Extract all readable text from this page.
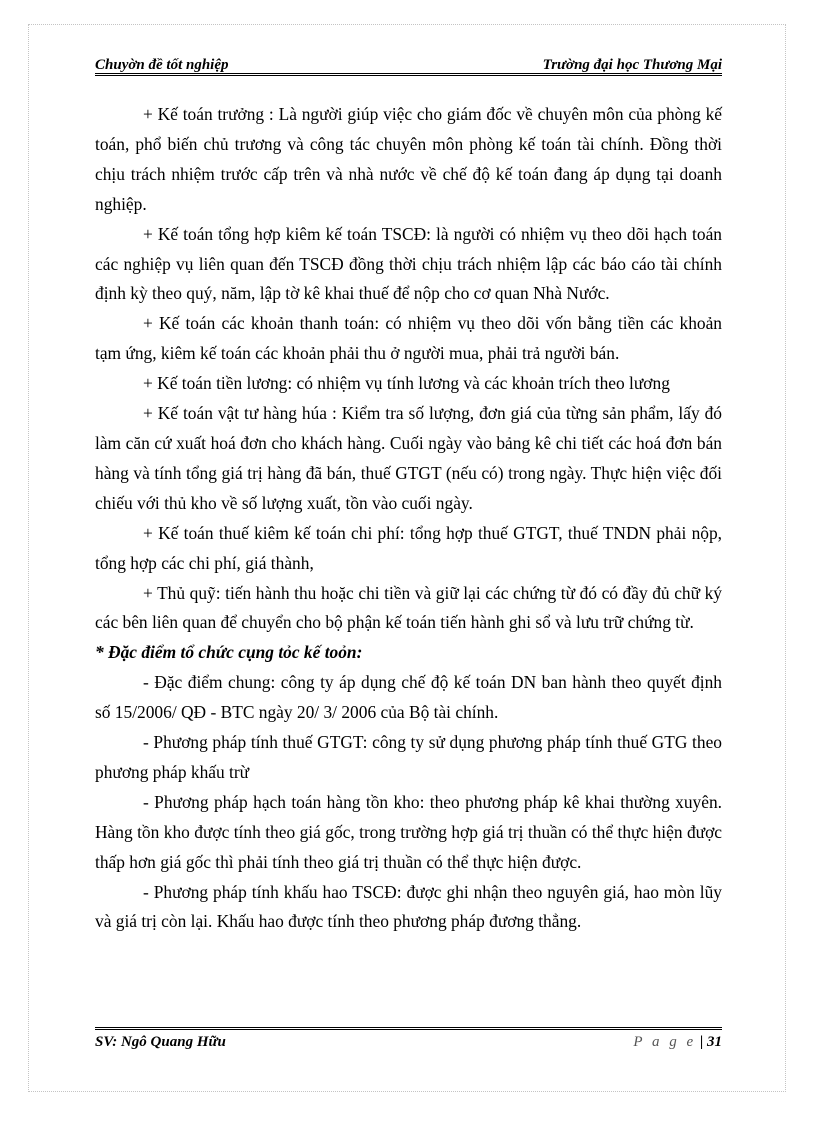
Chuyờn đề tốt nghiệp	Trường đại học Thương Mại

+ Kế toán trưởng : Là người giúp việc cho giám đốc về chuyên môn của phòng kế toán, phổ biến chủ trương và công tác chuyên môn phòng kế toán tài chính. Đồng thời chịu trách nhiệm trước cấp trên và nhà nước về chế độ kế toán đang áp dụng tại doanh nghiệp.

+ Kế toán tổng hợp kiêm kế toán TSCĐ: là người có nhiệm vụ theo dõi hạch toán các nghiệp vụ liên quan đến TSCĐ đồng thời chịu trách nhiệm lập các báo cáo tài chính định kỳ theo quý, năm, lập tờ kê khai thuế để nộp cho cơ quan Nhà Nước.

+ Kế toán các khoản thanh toán: có nhiệm vụ theo dõi vốn bằng tiền các khoản tạm ứng, kiêm kế toán các khoản phải thu ở người mua, phải trả người bán.

+ Kế toán tiền lương: có nhiệm vụ tính lương và các khoản trích theo lương

+ Kế toán vật tư hàng húa : Kiểm tra số lượng, đơn giá của từng sản phẩm, lấy đó làm căn cứ xuất hoá đơn cho khách hàng. Cuối ngày vào bảng kê chi tiết các hoá đơn bán hàng và tính tổng giá trị hàng đã bán, thuế GTGT (nếu có) trong ngày. Thực hiện việc đối chiếu với thủ kho về số lượng xuất, tồn vào cuối ngày.

+ Kế toán thuế kiêm kế toán chi phí: tổng hợp thuế GTGT, thuế TNDN phải nộp, tổng hợp các chi phí, giá thành,

+ Thủ quỹ: tiến hành thu hoặc chi tiền và giữ lại các chứng từ đó có đầy đủ chữ ký các bên liên quan để chuyển cho bộ phận kế toán tiến hành ghi sổ và lưu trữ chứng từ.

* Đặc điểm tổ chức cụng tỏc kế toỏn:

- Đặc điểm chung: công ty áp dụng chế độ kế toán DN ban hành theo quyết định số 15/2006/ QĐ - BTC ngày 20/ 3/ 2006 của Bộ tài chính.

- Phương pháp tính thuế GTGT: công ty sử dụng phương pháp tính thuế GTG theo phương pháp khấu trừ

- Phương pháp hạch toán hàng tồn kho: theo phương pháp kê khai thường xuyên. Hàng tồn kho được tính theo giá gốc, trong trường hợp giá trị thuần có thể thực hiện được thấp hơn giá gốc thì phải tính theo giá trị thuần có thể thực hiện được.

- Phương pháp tính khấu hao TSCĐ: được ghi nhận theo nguyên giá, hao mòn lũy và giá trị còn lại. Khấu hao được tính theo phương pháp đương thẳng.

SV: Ngô Quang Hữu	P a g e | 31
